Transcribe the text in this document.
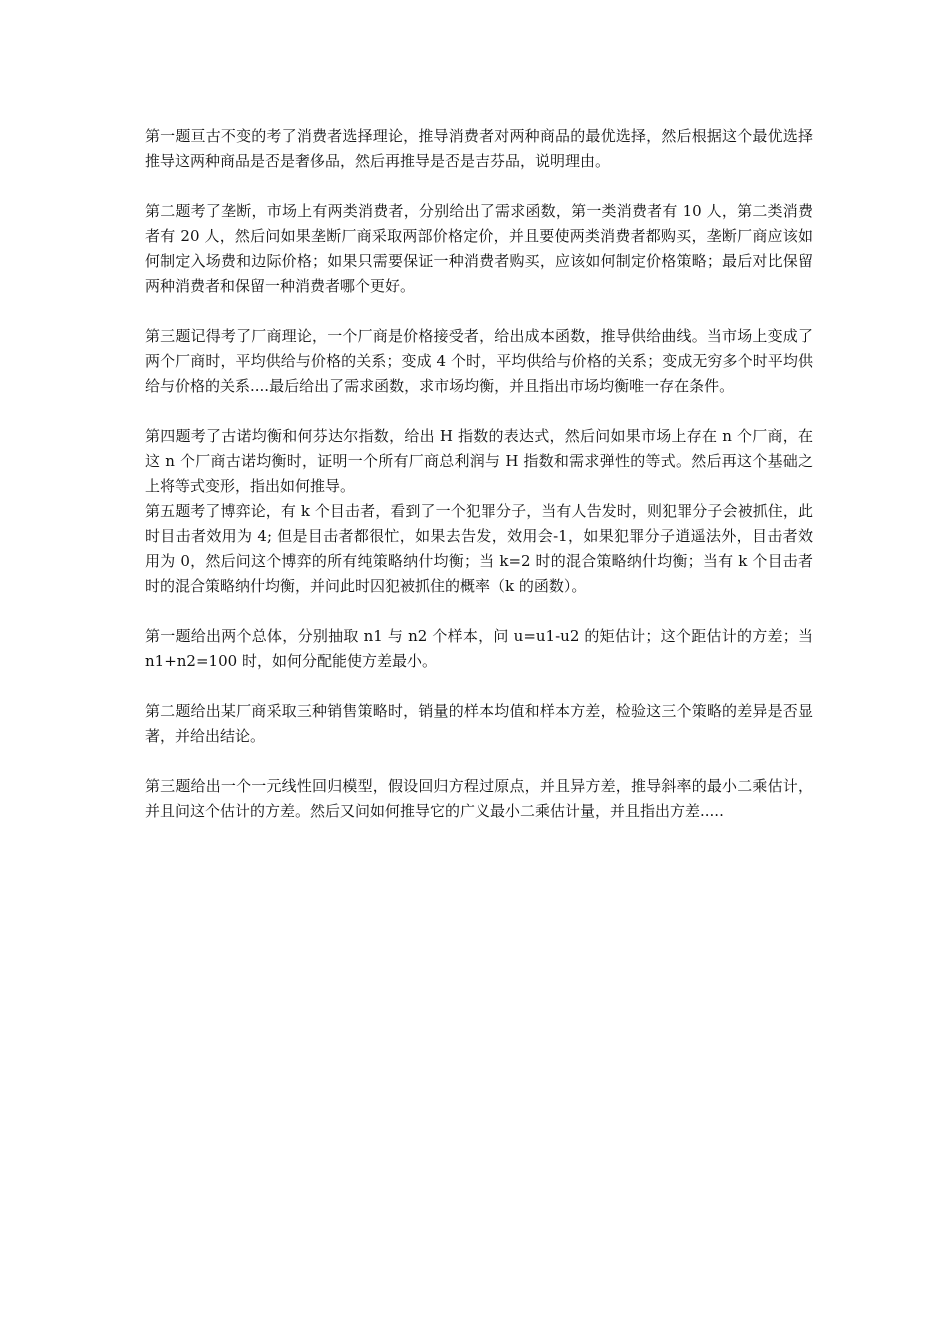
第一题亘古不变的考了消费者选择理论，推导消费者对两种商品的最优选择，然后根据这个最优选择推导这两种商品是否是奢侈品，然后再推导是否是吉芬品，说明理由。

第二题考了垄断，市场上有两类消费者，分别给出了需求函数，第一类消费者有 10 人，第二类消费者有 20 人，然后问如果垄断厂商采取两部价格定价，并且要使两类消费者都购买，垄断厂商应该如何制定入场费和边际价格；如果只需要保证一种消费者购买，应该如何制定价格策略；最后对比保留两种消费者和保留一种消费者哪个更好。

第三题记得考了厂商理论，一个厂商是价格接受者，给出成本函数，推导供给曲线。当市场上变成了两个厂商时，平均供给与价格的关系；变成 4 个时，平均供给与价格的关系；变成无穷多个时平均供给与价格的关系....最后给出了需求函数，求市场均衡，并且指出市场均衡唯一存在条件。

第四题考了古诺均衡和何芬达尔指数，给出 H 指数的表达式，然后问如果市场上存在 n 个厂商，在这 n 个厂商古诺均衡时，证明一个所有厂商总利润与 H 指数和需求弹性的等式。然后再这个基础之上将等式变形，指出如何推导。

第五题考了博弈论，有 k 个目击者，看到了一个犯罪分子，当有人告发时，则犯罪分子会被抓住，此时目击者效用为 4; 但是目击者都很忙，如果去告发，效用会-1，如果犯罪分子逍遥法外，目击者效用为 0，然后问这个博弈的所有纯策略纳什均衡；当 k=2 时的混合策略纳什均衡；当有 k 个目击者时的混合策略纳什均衡，并问此时囚犯被抓住的概率（k 的函数）。

第一题给出两个总体，分别抽取 n1 与 n2 个样本，问 u=u1-u2 的矩估计；这个距估计的方差；当 n1+n2=100 时，如何分配能使方差最小。

第二题给出某厂商采取三种销售策略时，销量的样本均值和样本方差，检验这三个策略的差异是否显著，并给出结论。

第三题给出一个一元线性回归模型，假设回归方程过原点，并且异方差，推导斜率的最小二乘估计，并且问这个估计的方差。然后又问如何推导它的广义最小二乘估计量，并且指出方差.....
